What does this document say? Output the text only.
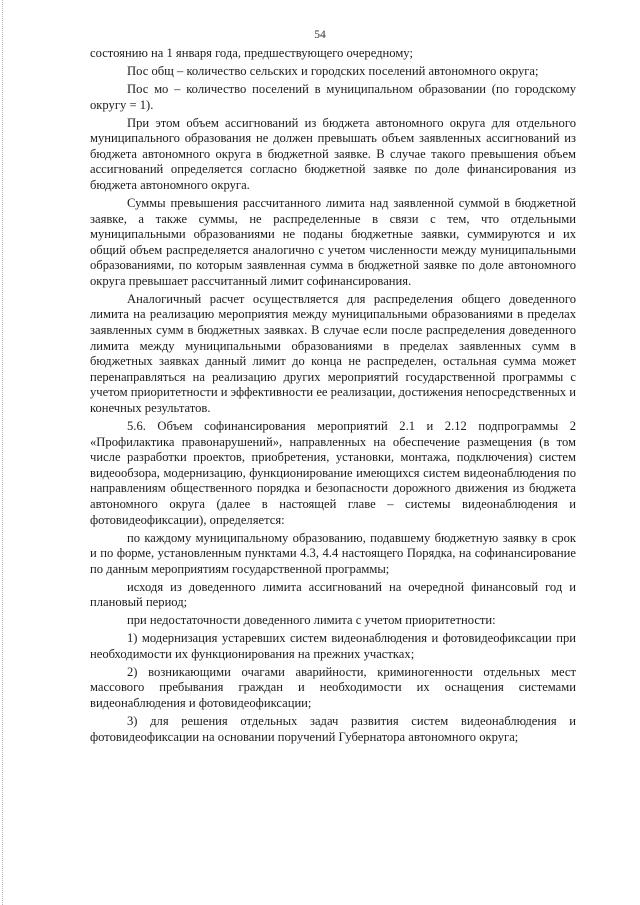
54

состоянию на 1 января года, предшествующего очередному;

Пос общ – количество сельских и городских поселений автономного округа;

Пос мо – количество поселений в муниципальном образовании (по городскому округу = 1).

При этом объем ассигнований из бюджета автономного округа для отдельного муниципального образования не должен превышать объем заявленных ассигнований из бюджета автономного округа в бюджетной заявке. В случае такого превышения объем ассигнований определяется согласно бюджетной заявке по доле финансирования из бюджета автономного округа.

Суммы превышения рассчитанного лимита над заявленной суммой в бюджетной заявке, а также суммы, не распределенные в связи с тем, что отдельными муниципальными образованиями не поданы бюджетные заявки, суммируются и их общий объем распределяется аналогично с учетом численности между муниципальными образованиями, по которым заявленная сумма в бюджетной заявке по доле автономного округа превышает рассчитанный лимит софинансирования.

Аналогичный расчет осуществляется для распределения общего доведенного лимита на реализацию мероприятия между муниципальными образованиями в пределах заявленных сумм в бюджетных заявках. В случае если после распределения доведенного лимита между муниципальными образованиями в пределах заявленных сумм в бюджетных заявках данный лимит до конца не распределен, остальная сумма может перенаправляться на реализацию других мероприятий государственной программы с учетом приоритетности и эффективности ее реализации, достижения непосредственных и конечных результатов.

5.6. Объем софинансирования мероприятий 2.1 и 2.12 подпрограммы 2 «Профилактика правонарушений», направленных на обеспечение размещения (в том числе разработки проектов, приобретения, установки, монтажа, подключения) систем видеообзора, модернизацию, функционирование имеющихся систем видеонаблюдения по направлениям общественного порядка и безопасности дорожного движения из бюджета автономного округа (далее в настоящей главе – системы видеонаблюдения и фотовидеофиксации), определяется:

по каждому муниципальному образованию, подавшему бюджетную заявку в срок и по форме, установленным пунктами 4.3, 4.4 настоящего Порядка, на софинансирование по данным мероприятиям государственной программы;

исходя из доведенного лимита ассигнований на очередной финансовый год и плановый период;

при недостаточности доведенного лимита с учетом приоритетности:

1) модернизация устаревших систем видеонаблюдения и фотовидеофиксации при необходимости их функционирования на прежних участках;

2) возникающими очагами аварийности, криминогенности отдельных мест массового пребывания граждан и необходимости их оснащения системами видеонаблюдения и фотовидеофиксации;

3) для решения отдельных задач развития систем видеонаблюдения и фотовидеофиксации на основании поручений Губернатора автономного округа;
